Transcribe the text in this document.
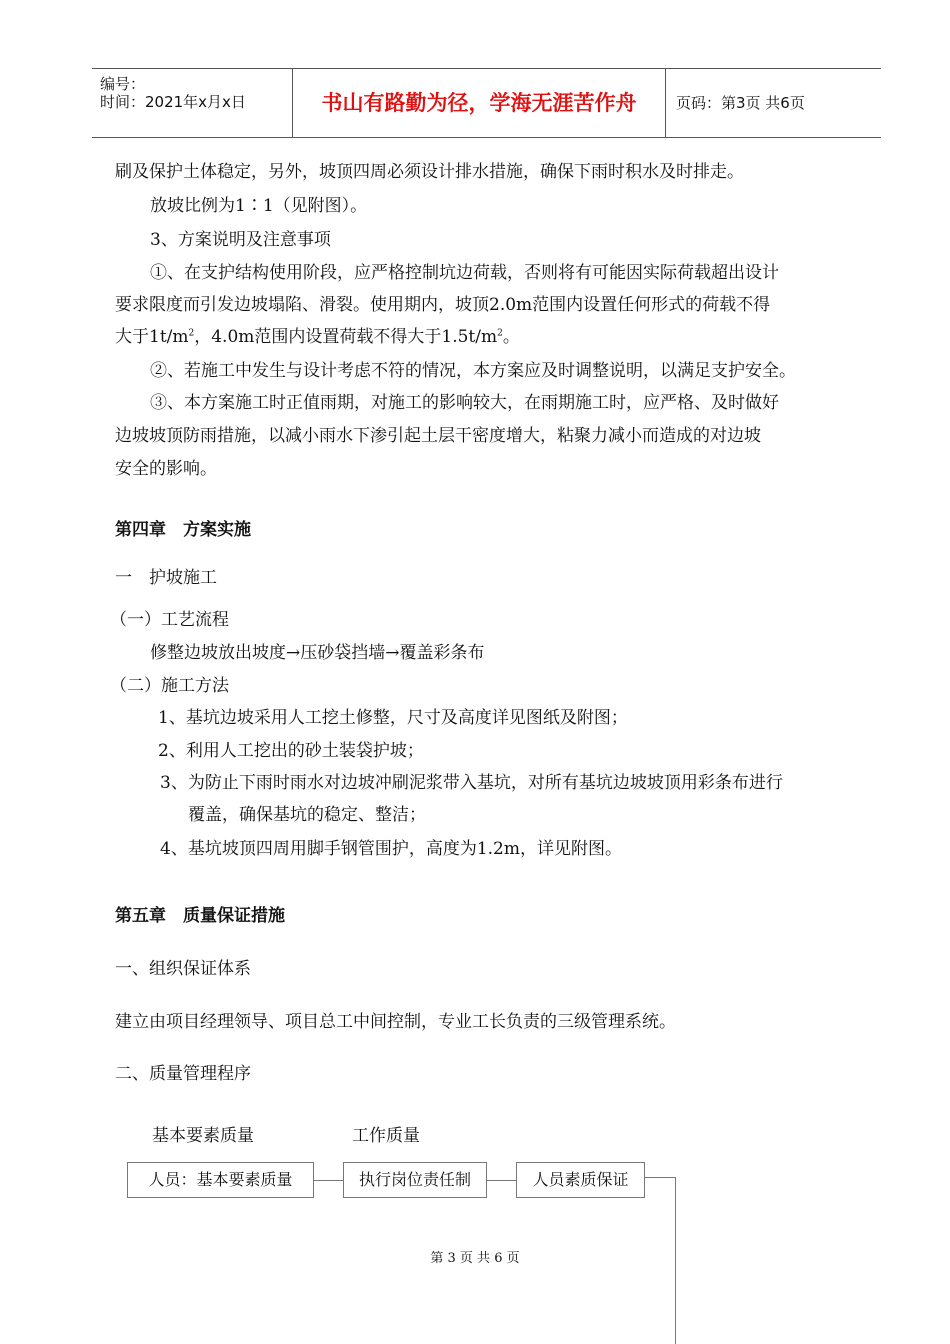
编号：
时间：2021年x月x日	书山有路勤为径，学海无涯苦作舟	页码：第3页 共6页
刷及保护土体稳定，另外，坡顶四周必须设计排水措施，确保下雨时积水及时排走。
放坡比例为1∶1（见附图）。
3、方案说明及注意事项
①、在支护结构使用阶段，应严格控制坑边荷载，否则将有可能因实际荷载超出设计
要求限度而引发边坡塌陷、滑裂。使用期内，坡顶2.0m范围内设置任何形式的荷载不得
大于$1t/m^2$，4.0m范围内设置荷载不得大于$1.5t/m^2$。
②、若施工中发生与设计考虑不符的情况，本方案应及时调整说明，以满足支护安全。
③、本方案施工时正值雨期，对施工的影响较大，在雨期施工时，应严格、及时做好
边坡坡顶防雨措施，以减小雨水下渗引起土层干密度增大，粘聚力减小而造成的对边坡
安全的影响。
第四章　方案实施
一　护坡施工
（一）工艺流程
修整边坡放出坡度→压砂袋挡墙→覆盖彩条布
（二）施工方法
1、基坑边坡采用人工挖土修整，尺寸及高度详见图纸及附图；
2、利用人工挖出的砂土装袋护坡；
3、为防止下雨时雨水对边坡冲刷泥浆带入基坑，对所有基坑边坡坡顶用彩条布进行
覆盖，确保基坑的稳定、整洁；
4、基坑坡顶四周用脚手钢管围护，高度为1.2m，详见附图。
第五章　质量保证措施
一、组织保证体系
建立由项目经理领导、项目总工中间控制，专业工长负责的三级管理系统。
二、质量管理程序
基本要素质量	工作质量
人员：基本要素质量	执行岗位责任制	人员素质保证
第 3 页 共 6 页
